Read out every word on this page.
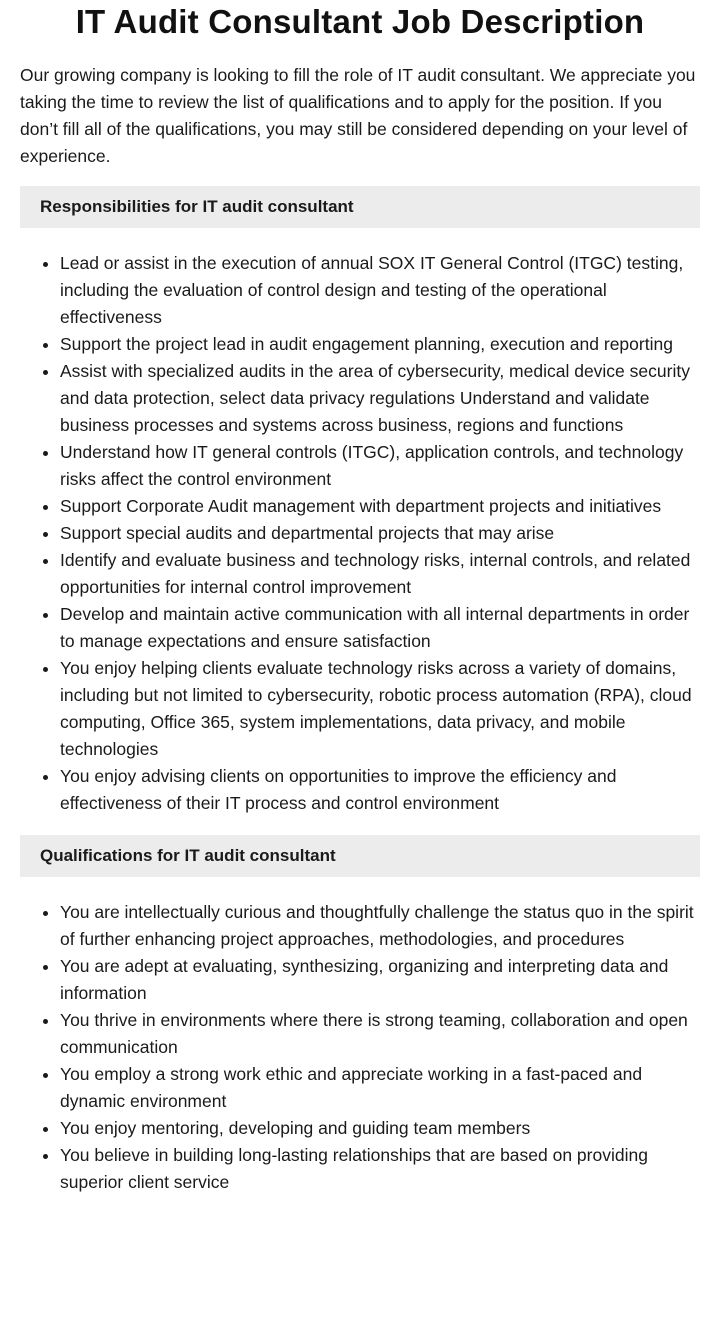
IT Audit Consultant Job Description

Our growing company is looking to fill the role of IT audit consultant. We appreciate you taking the time to review the list of qualifications and to apply for the position. If you don’t fill all of the qualifications, you may still be considered depending on your level of experience.

Responsibilities for IT audit consultant
• Lead or assist in the execution of annual SOX IT General Control (ITGC) testing, including the evaluation of control design and testing of the operational effectiveness
• Support the project lead in audit engagement planning, execution and reporting
• Assist with specialized audits in the area of cybersecurity, medical device security and data protection, select data privacy regulations Understand and validate business processes and systems across business, regions and functions
• Understand how IT general controls (ITGC), application controls, and technology risks affect the control environment
• Support Corporate Audit management with department projects and initiatives
• Support special audits and departmental projects that may arise
• Identify and evaluate business and technology risks, internal controls, and related opportunities for internal control improvement
• Develop and maintain active communication with all internal departments in order to manage expectations and ensure satisfaction
• You enjoy helping clients evaluate technology risks across a variety of domains, including but not limited to cybersecurity, robotic process automation (RPA), cloud computing, Office 365, system implementations, data privacy, and mobile technologies
• You enjoy advising clients on opportunities to improve the efficiency and effectiveness of their IT process and control environment
Qualifications for IT audit consultant
• You are intellectually curious and thoughtfully challenge the status quo in the spirit of further enhancing project approaches, methodologies, and procedures
• You are adept at evaluating, synthesizing, organizing and interpreting data and information
• You thrive in environments where there is strong teaming, collaboration and open communication
• You employ a strong work ethic and appreciate working in a fast-paced and dynamic environment
• You enjoy mentoring, developing and guiding team members
• You believe in building long-lasting relationships that are based on providing superior client service
